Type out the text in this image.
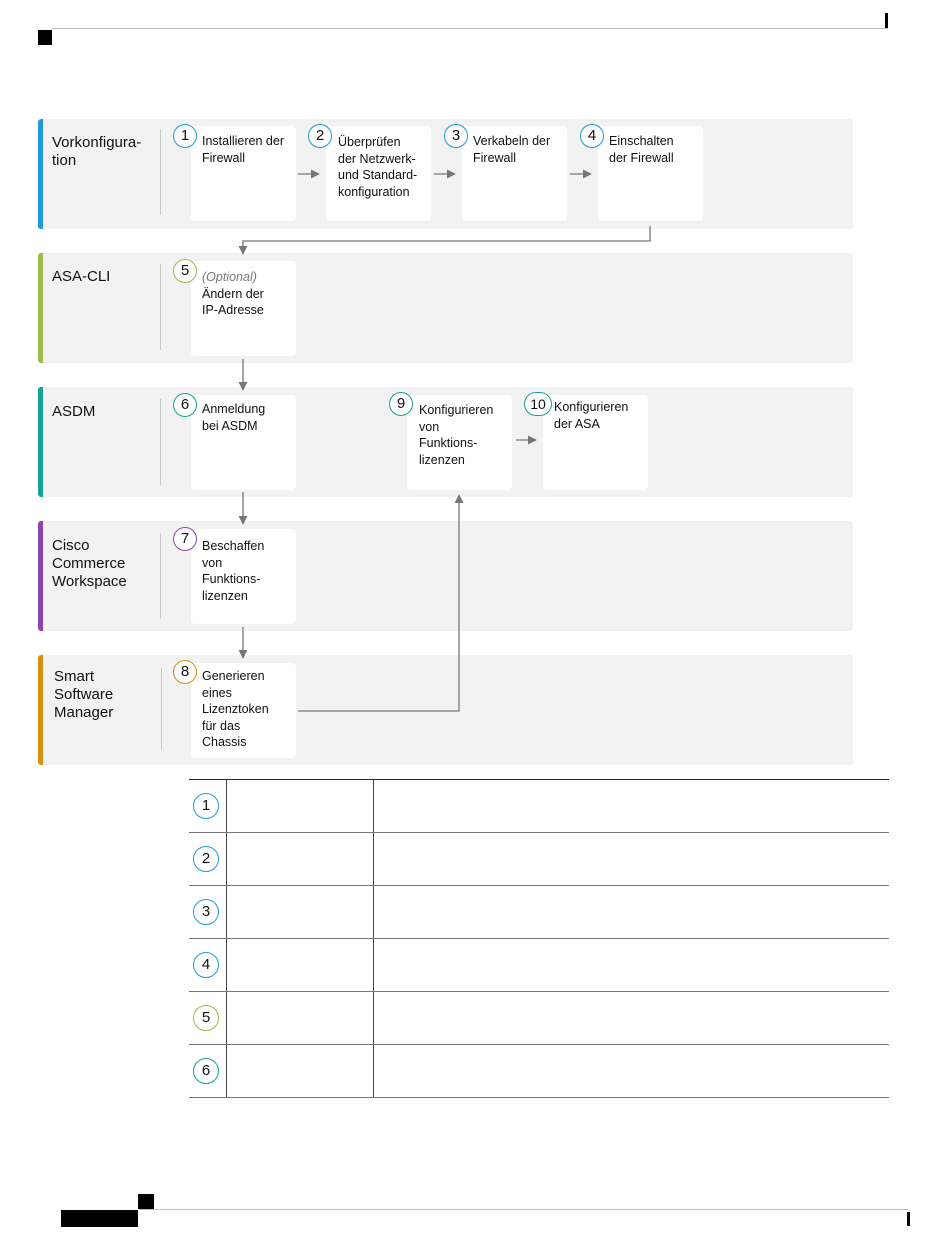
Vorkonfigura-
tion
ASA-CLI
ASDM
Cisco
Commerce
Workspace
Smart
Software
Manager
1	2	3	4
5
6	9	10
7
8
Installieren der
Firewall
Überprüfen
der Netzwerk-
und Standard-
konfiguration
Verkabeln der
Firewall
Einschalten
der Firewall
(Optional)
Ändern der
IP-Adresse
Anmeldung
bei ASDM
Konfigurieren
von
Funktions-
lizenzen
Konfigurieren
der ASA
Beschaffen
von
Funktions-
lizenzen
Generieren
eines
Lizenztoken
für das
Chassis
1		

2		

3		

4		

5		

6		
